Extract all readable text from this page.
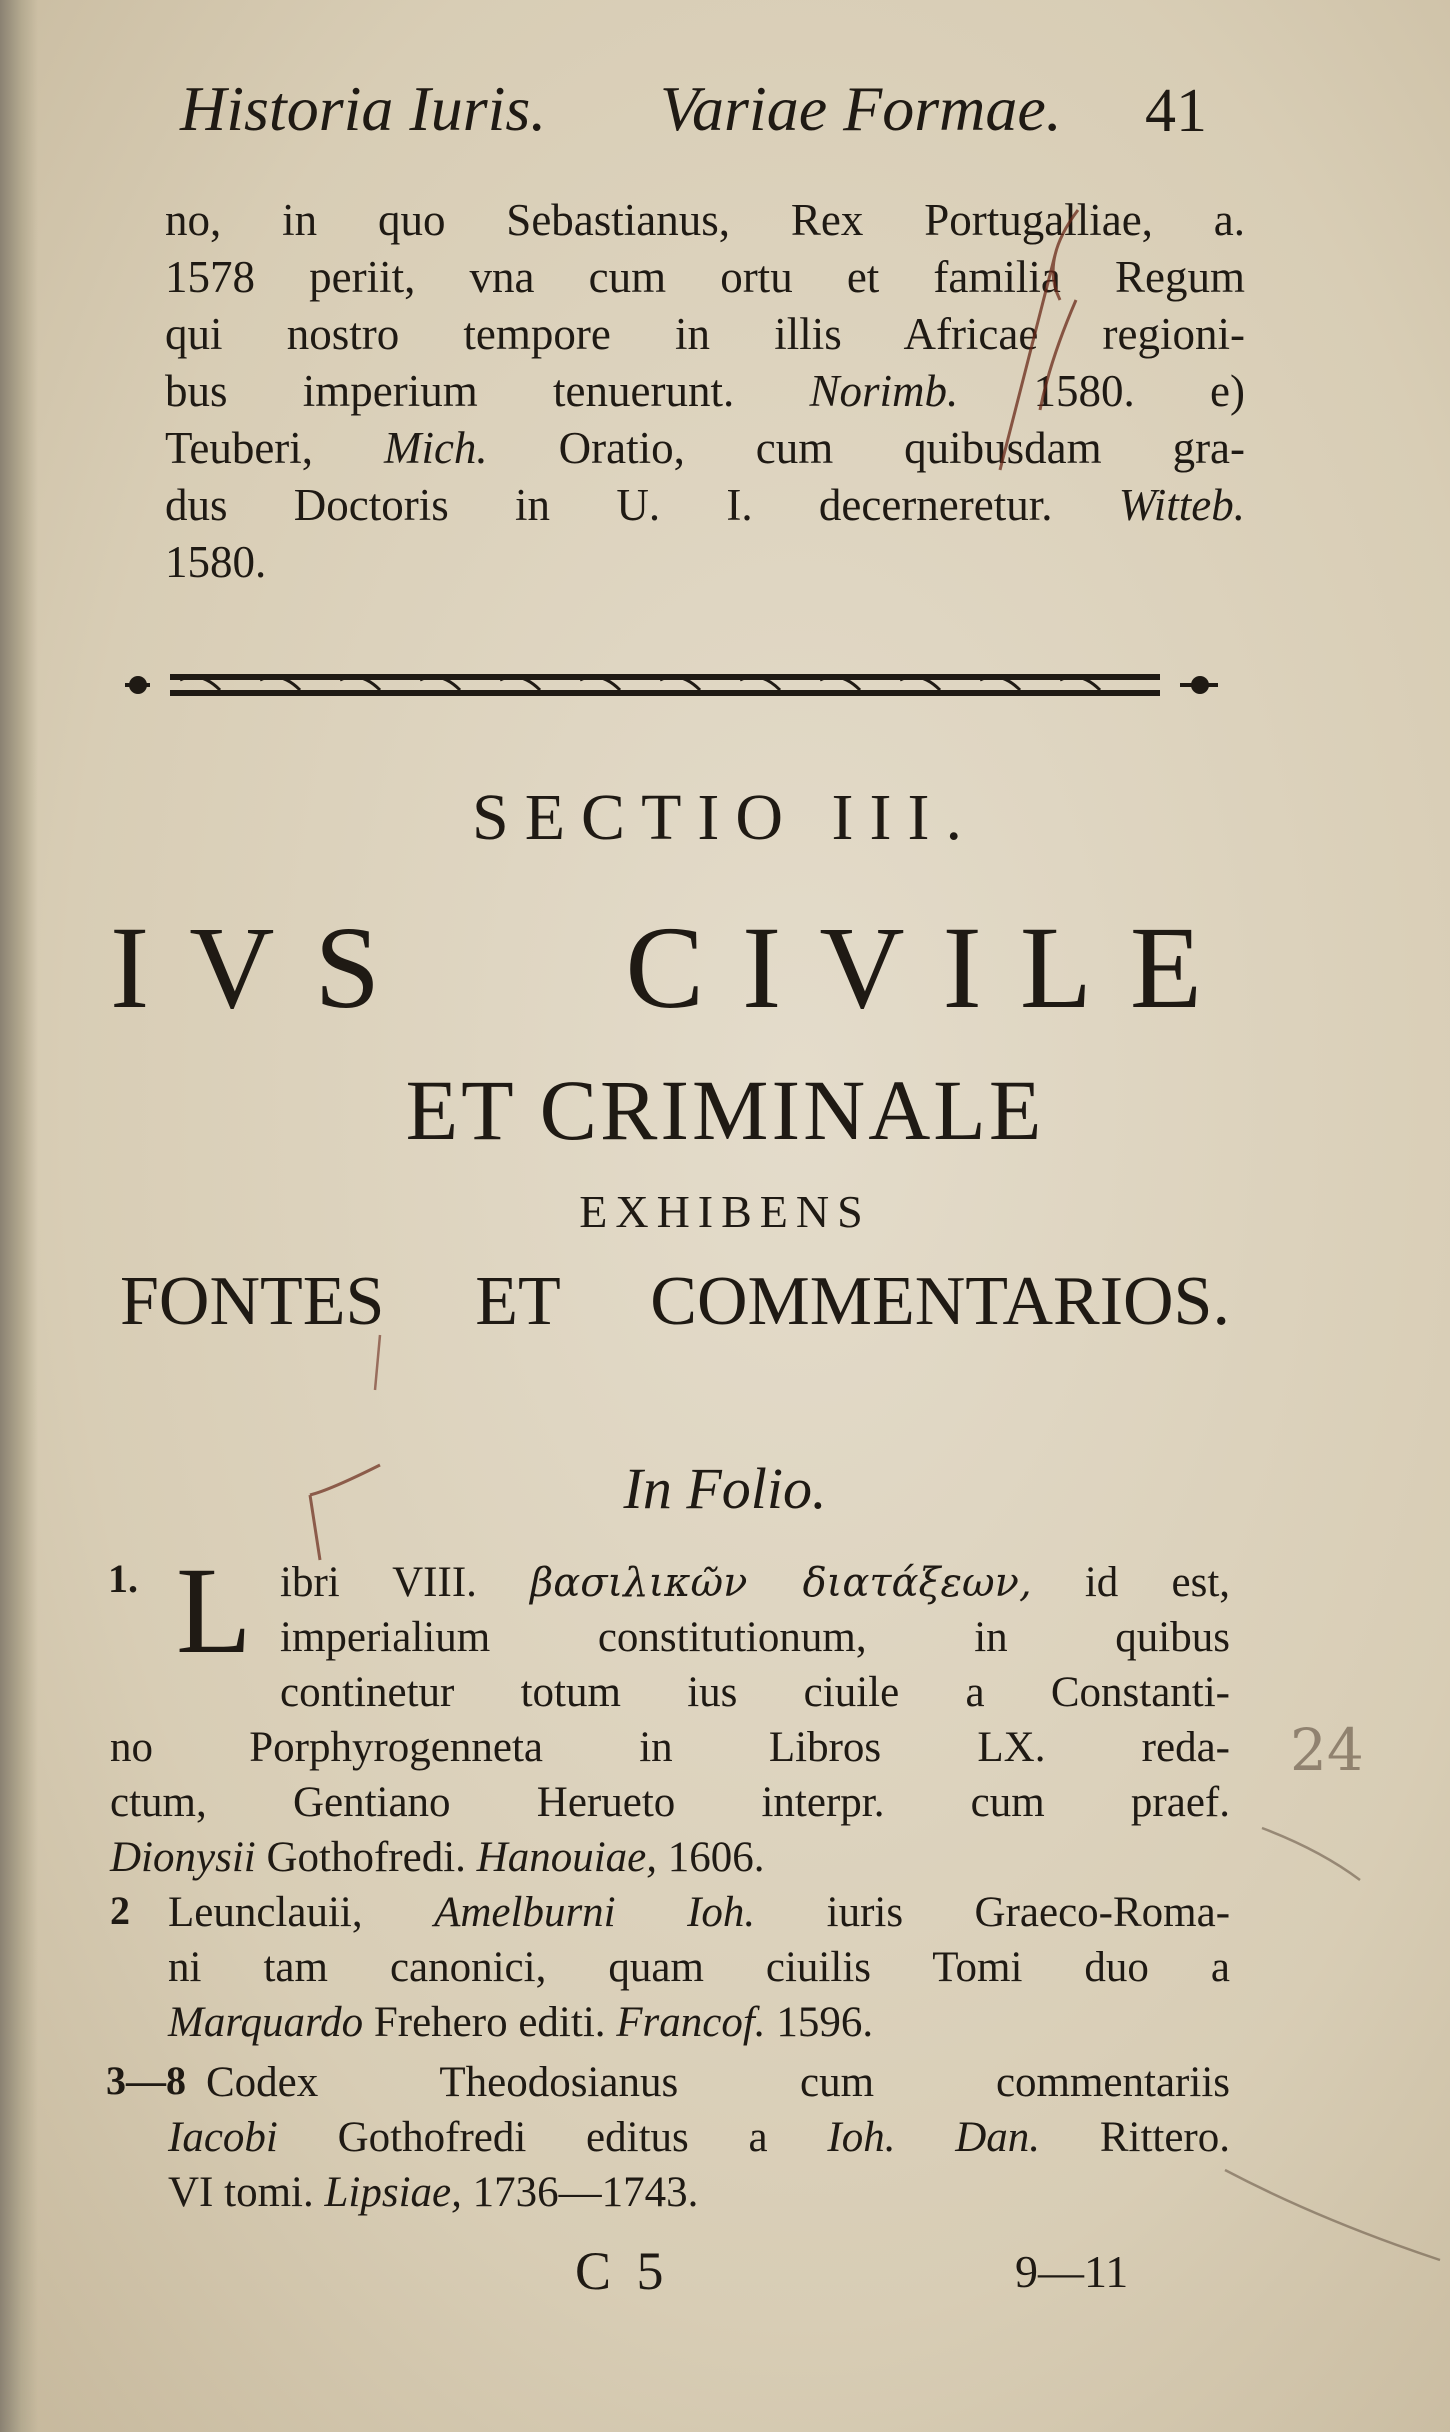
Historia Iuris. Variae Formae. 41
no, in quo Sebastianus, Rex Portugalliae, a.
1578 periit, vna cum ortu et familia Regum
qui nostro tempore in illis Africae regioni-
bus imperium tenuerunt. Norimb. 1580. e)
Teuberi, Mich. Oratio, cum quibusdam gra-
dus Doctoris in U. I. decerneretur. Witteb.
1580.
SECTIO III.
IVS CIVILE
ET CRIMINALE
EXHIBENS
FONTES ET COMMENTARIOS.
In Folio.
1. L ibri VIII. βασιλικῶν διατάξεων, id est,
imperialium constitutionum, in quibus
continetur totum ius ciuile a Constanti-
no Porphyrogenneta in Libros LX. reda-
ctum, Gentiano Herueto interpr. cum praef.
Dionysii Gothofredi. Hanouiae, 1606.
2 Leunclauii, Amelburni Ioh. iuris Graeco-Roma-
ni tam canonici, quam ciuilis Tomi duo a
Marquardo Frehero editi. Francof. 1596.
3—8 Codex Theodosianus cum commentariis
Iacobi Gothofredi editus a Ioh. Dan. Rittero.
VI tomi. Lipsiae, 1736—1743.
C 5	9—11
24
